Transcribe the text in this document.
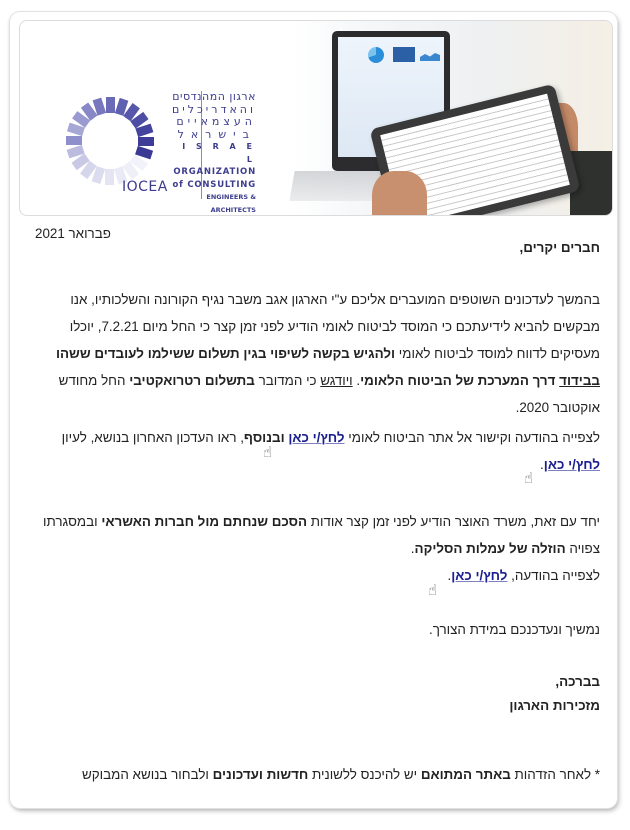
IOCEA
ארגון המהנדסים
והאדריכלים
העצמאיים
בישראל
I S R A E L
ORGANIZATION
of CONSULTING
ENGINEERS & ARCHITECTS
פברואר 2021
חברים יקרים,
בהמשך לעדכונים השוטפים המועברים אליכם ע"י הארגון אגב משבר נגיף הקורונה והשלכותיו, אנו מבקשים להביא לידיעתכם כי המוסד לביטוח לאומי הודיע לפני זמן קצר כי החל מיום 7.2.21, יוכלו מעסיקים לדווח למוסד לביטוח לאומי ולהגיש בקשה לשיפוי בגין תשלום ששילמו לעובדים ששהו בבידוד דרך המערכת של הביטוח הלאומי. ויודגש כי המדובר בתשלום רטרואקטיבי החל מחודש אוקטובר 2020.
לצפייה בהודעה וקישור אל אתר הביטוח לאומי לחץ/י כאן ובנוסף, ראו העדכון האחרון בנושא, לעיון לחץ/י כאן.
☝
☝
יחד עם זאת, משרד האוצר הודיע לפני זמן קצר אודות הסכם שנחתם מול חברות האשראי ובמסגרתו צפויה הוזלה של עמלות הסליקה.
לצפייה בהודעה, לחץ/י כאן.
☝
נמשיך ונעדכנכם במידת הצורך.
בברכה,
מזכירות הארגון
* לאחר הזדהות באתר המתואם יש להיכנס ללשונית חדשות ועדכונים ולבחור בנושא המבוקש
